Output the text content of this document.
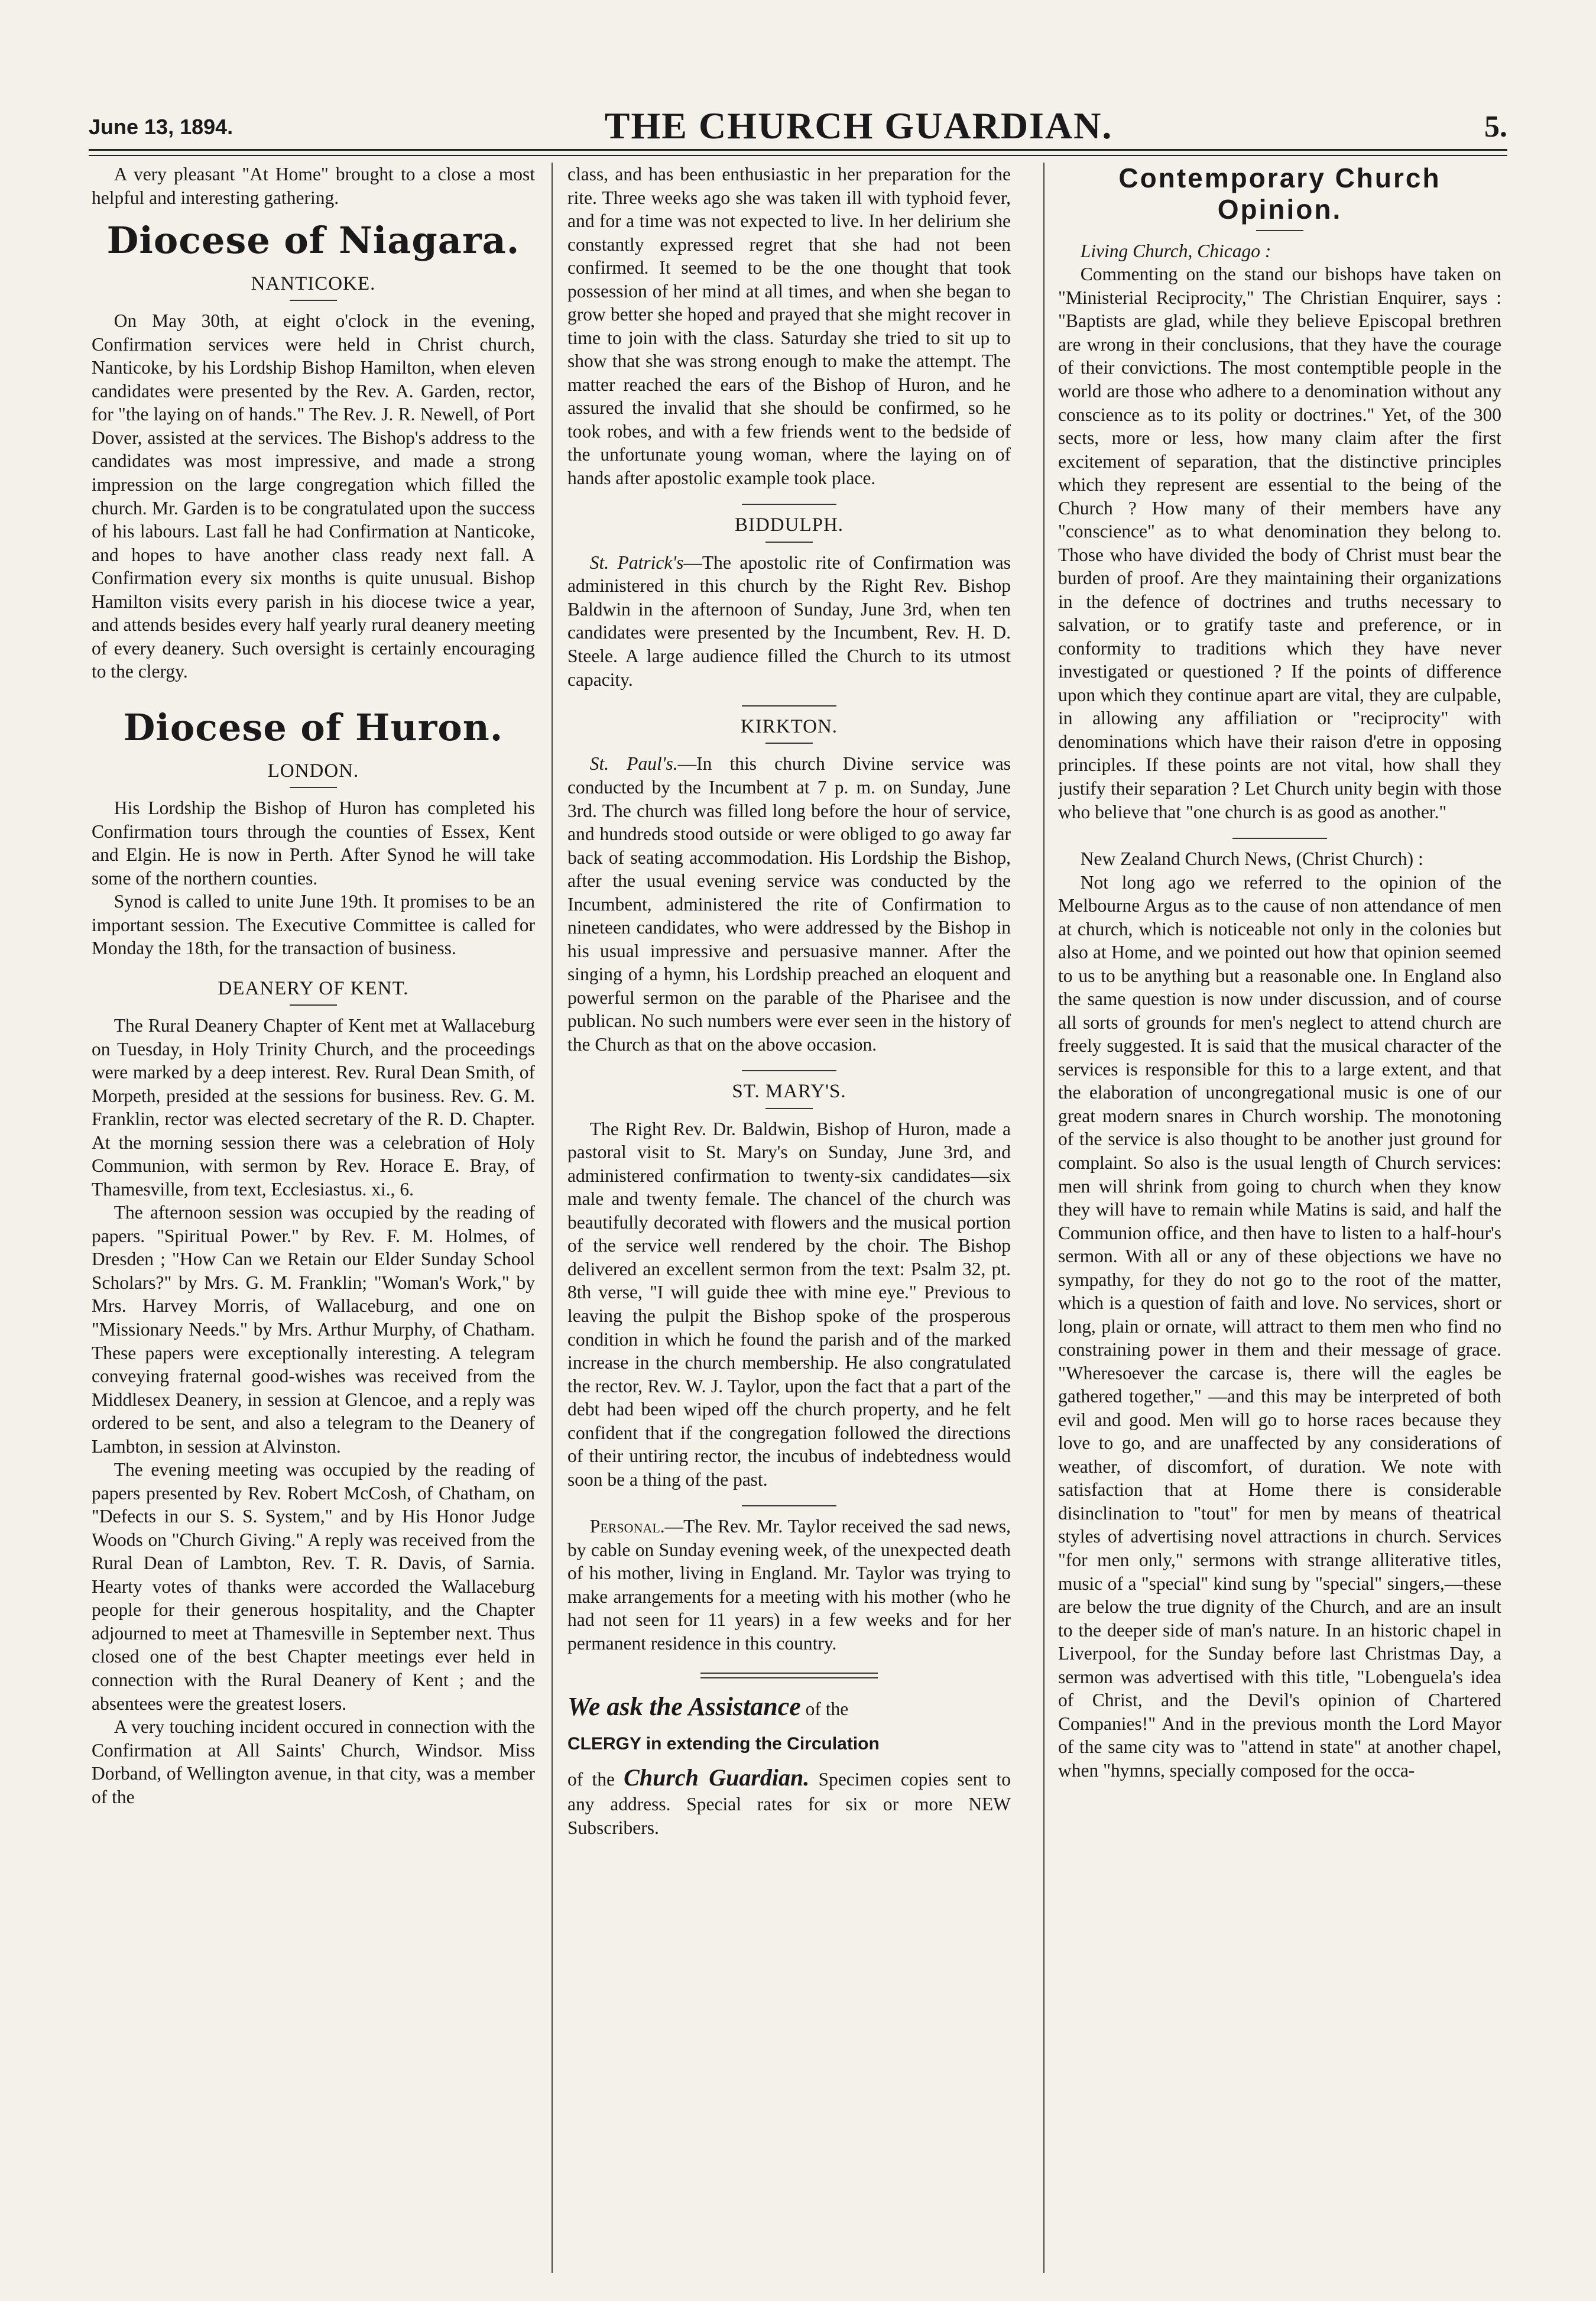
June 13, 1894.	THE CHURCH GUARDIAN.	5.

A very pleasant "At Home" brought to a close a most helpful and interesting gathering.

Diocese of Niagara.
NANTICOKE.

On May 30th, at eight o'clock in the evening, Confirmation services were held in Christ church, Nanticoke, by his Lordship Bishop Hamilton, when eleven candidates were presented by the Rev. A. Garden, rector, for "the laying on of hands." The Rev. J. R. Newell, of Port Dover, assisted at the services. The Bishop's address to the candidates was most impressive, and made a strong impression on the large congregation which filled the church. Mr. Garden is to be congratulated upon the success of his labours. Last fall he had Confirmation at Nanticoke, and hopes to have another class ready next fall. A Confirmation every six months is quite unusual. Bishop Hamilton visits every parish in his diocese twice a year, and attends besides every half yearly rural deanery meeting of every deanery. Such oversight is certainly encouraging to the clergy.

Diocese of Huron.
LONDON.

His Lordship the Bishop of Huron has completed his Confirmation tours through the counties of Essex, Kent and Elgin. He is now in Perth. After Synod he will take some of the northern counties.

Synod is called to unite June 19th. It promises to be an important session. The Executive Committee is called for Monday the 18th, for the transaction of business.

DEANERY OF KENT.

The Rural Deanery Chapter of Kent met at Wallaceburg on Tuesday, in Holy Trinity Church, and the proceedings were marked by a deep interest. Rev. Rural Dean Smith, of Morpeth, presided at the sessions for business. Rev. G. M. Franklin, rector was elected secretary of the R. D. Chapter. At the morning session there was a celebration of Holy Communion, with sermon by Rev. Horace E. Bray, of Thamesville, from text, Ecclesiastus. xi., 6.

The afternoon session was occupied by the reading of papers. "Spiritual Power." by Rev. F. M. Holmes, of Dresden ; "How Can we Retain our Elder Sunday School Scholars?" by Mrs. G. M. Franklin; "Woman's Work," by Mrs. Harvey Morris, of Wallaceburg, and one on "Missionary Needs." by Mrs. Arthur Murphy, of Chatham. These papers were exceptionally interesting. A telegram conveying fraternal good-wishes was received from the Middlesex Deanery, in session at Glencoe, and a reply was ordered to be sent, and also a telegram to the Deanery of Lambton, in session at Alvinston.

The evening meeting was occupied by the reading of papers presented by Rev. Robert McCosh, of Chatham, on "Defects in our S. S. System," and by His Honor Judge Woods on "Church Giving." A reply was received from the Rural Dean of Lambton, Rev. T. R. Davis, of Sarnia. Hearty votes of thanks were accorded the Wallaceburg people for their generous hospitality, and the Chapter adjourned to meet at Thamesville in September next. Thus closed one of the best Chapter meetings ever held in connection with the Rural Deanery of Kent ; and the absentees were the greatest losers.

A very touching incident occured in connection with the Confirmation at All Saints' Church, Windsor. Miss Dorband, of Wellington avenue, in that city, was a member of the

class, and has been enthusiastic in her preparation for the rite. Three weeks ago she was taken ill with typhoid fever, and for a time was not expected to live. In her delirium she constantly expressed regret that she had not been confirmed. It seemed to be the one thought that took possession of her mind at all times, and when she began to grow better she hoped and prayed that she might recover in time to join with the class. Saturday she tried to sit up to show that she was strong enough to make the attempt. The matter reached the ears of the Bishop of Huron, and he assured the invalid that she should be confirmed, so he took robes, and with a few friends went to the bedside of the unfortunate young woman, where the laying on of hands after apostolic example took place.

BIDDULPH.

St. Patrick's—The apostolic rite of Confirmation was administered in this church by the Right Rev. Bishop Baldwin in the afternoon of Sunday, June 3rd, when ten candidates were presented by the Incumbent, Rev. H. D. Steele. A large audience filled the Church to its utmost capacity.

KIRKTON.

St. Paul's.—In this church Divine service was conducted by the Incumbent at 7 p. m. on Sunday, June 3rd. The church was filled long before the hour of service, and hundreds stood outside or were obliged to go away far back of seating accommodation. His Lordship the Bishop, after the usual evening service was conducted by the Incumbent, administered the rite of Confirmation to nineteen candidates, who were addressed by the Bishop in his usual impressive and persuasive manner. After the singing of a hymn, his Lordship preached an eloquent and powerful sermon on the parable of the Pharisee and the publican. No such numbers were ever seen in the history of the Church as that on the above occasion.

ST. MARY'S.

The Right Rev. Dr. Baldwin, Bishop of Huron, made a pastoral visit to St. Mary's on Sunday, June 3rd, and administered confirmation to twenty-six candidates—six male and twenty female. The chancel of the church was beautifully decorated with flowers and the musical portion of the service well rendered by the choir. The Bishop delivered an excellent sermon from the text: Psalm 32, pt. 8th verse, "I will guide thee with mine eye." Previous to leaving the pulpit the Bishop spoke of the prosperous condition in which he found the parish and of the marked increase in the church membership. He also congratulated the rector, Rev. W. J. Taylor, upon the fact that a part of the debt had been wiped off the church property, and he felt confident that if the congregation followed the directions of their untiring rector, the incubus of indebtedness would soon be a thing of the past.

Personal.—The Rev. Mr. Taylor received the sad news, by cable on Sunday evening week, of the unexpected death of his mother, living in England. Mr. Taylor was trying to make arrangements for a meeting with his mother (who he had not seen for 11 years) in a few weeks and for her permanent residence in this country.

We ask the Assistance of the

CLERGY in extending the Circulation

of the Church Guardian. Specimen copies sent to any address. Special rates for six or more NEW Subscribers.

Contemporary Church
Opinion.

Living Church, Chicago :

Commenting on the stand our bishops have taken on "Ministerial Reciprocity," The Christian Enquirer, says : "Baptists are glad, while they believe Episcopal brethren are wrong in their conclusions, that they have the courage of their convictions. The most contemptible people in the world are those who adhere to a denomination without any conscience as to its polity or doctrines." Yet, of the 300 sects, more or less, how many claim after the first excitement of separation, that the distinctive principles which they represent are essential to the being of the Church ? How many of their members have any "conscience" as to what denomination they belong to. Those who have divided the body of Christ must bear the burden of proof. Are they maintaining their organizations in the defence of doctrines and truths necessary to salvation, or to gratify taste and preference, or in conformity to traditions which they have never investigated or questioned ? If the points of difference upon which they continue apart are vital, they are culpable, in allowing any affiliation or "reciprocity" with denominations which have their raison d'etre in opposing principles. If these points are not vital, how shall they justify their separation ? Let Church unity begin with those who believe that "one church is as good as another."

New Zealand Church News, (Christ Church) :

Not long ago we referred to the opinion of the Melbourne Argus as to the cause of non attendance of men at church, which is noticeable not only in the colonies but also at Home, and we pointed out how that opinion seemed to us to be anything but a reasonable one. In England also the same question is now under discussion, and of course all sorts of grounds for men's neglect to attend church are freely suggested. It is said that the musical character of the services is responsible for this to a large extent, and that the elaboration of uncongregational music is one of our great modern snares in Church worship. The monotoning of the service is also thought to be another just ground for complaint. So also is the usual length of Church services: men will shrink from going to church when they know they will have to remain while Matins is said, and half the Communion office, and then have to listen to a half-hour's sermon. With all or any of these objections we have no sympathy, for they do not go to the root of the matter, which is a question of faith and love. No services, short or long, plain or ornate, will attract to them men who find no constraining power in them and their message of grace. "Wheresoever the carcase is, there will the eagles be gathered together," —and this may be interpreted of both evil and good. Men will go to horse races because they love to go, and are unaffected by any considerations of weather, of discomfort, of duration. We note with satisfaction that at Home there is considerable disinclination to "tout" for men by means of theatrical styles of advertising novel attractions in church. Services "for men only," sermons with strange alliterative titles, music of a "special" kind sung by "special" singers,—these are below the true dignity of the Church, and are an insult to the deeper side of man's nature. In an historic chapel in Liverpool, for the Sunday before last Christmas Day, a sermon was advertised with this title, "Lobenguela's idea of Christ, and the Devil's opinion of Chartered Companies!" And in the previous month the Lord Mayor of the same city was to "attend in state" at another chapel, when "hymns, specially composed for the occa-
